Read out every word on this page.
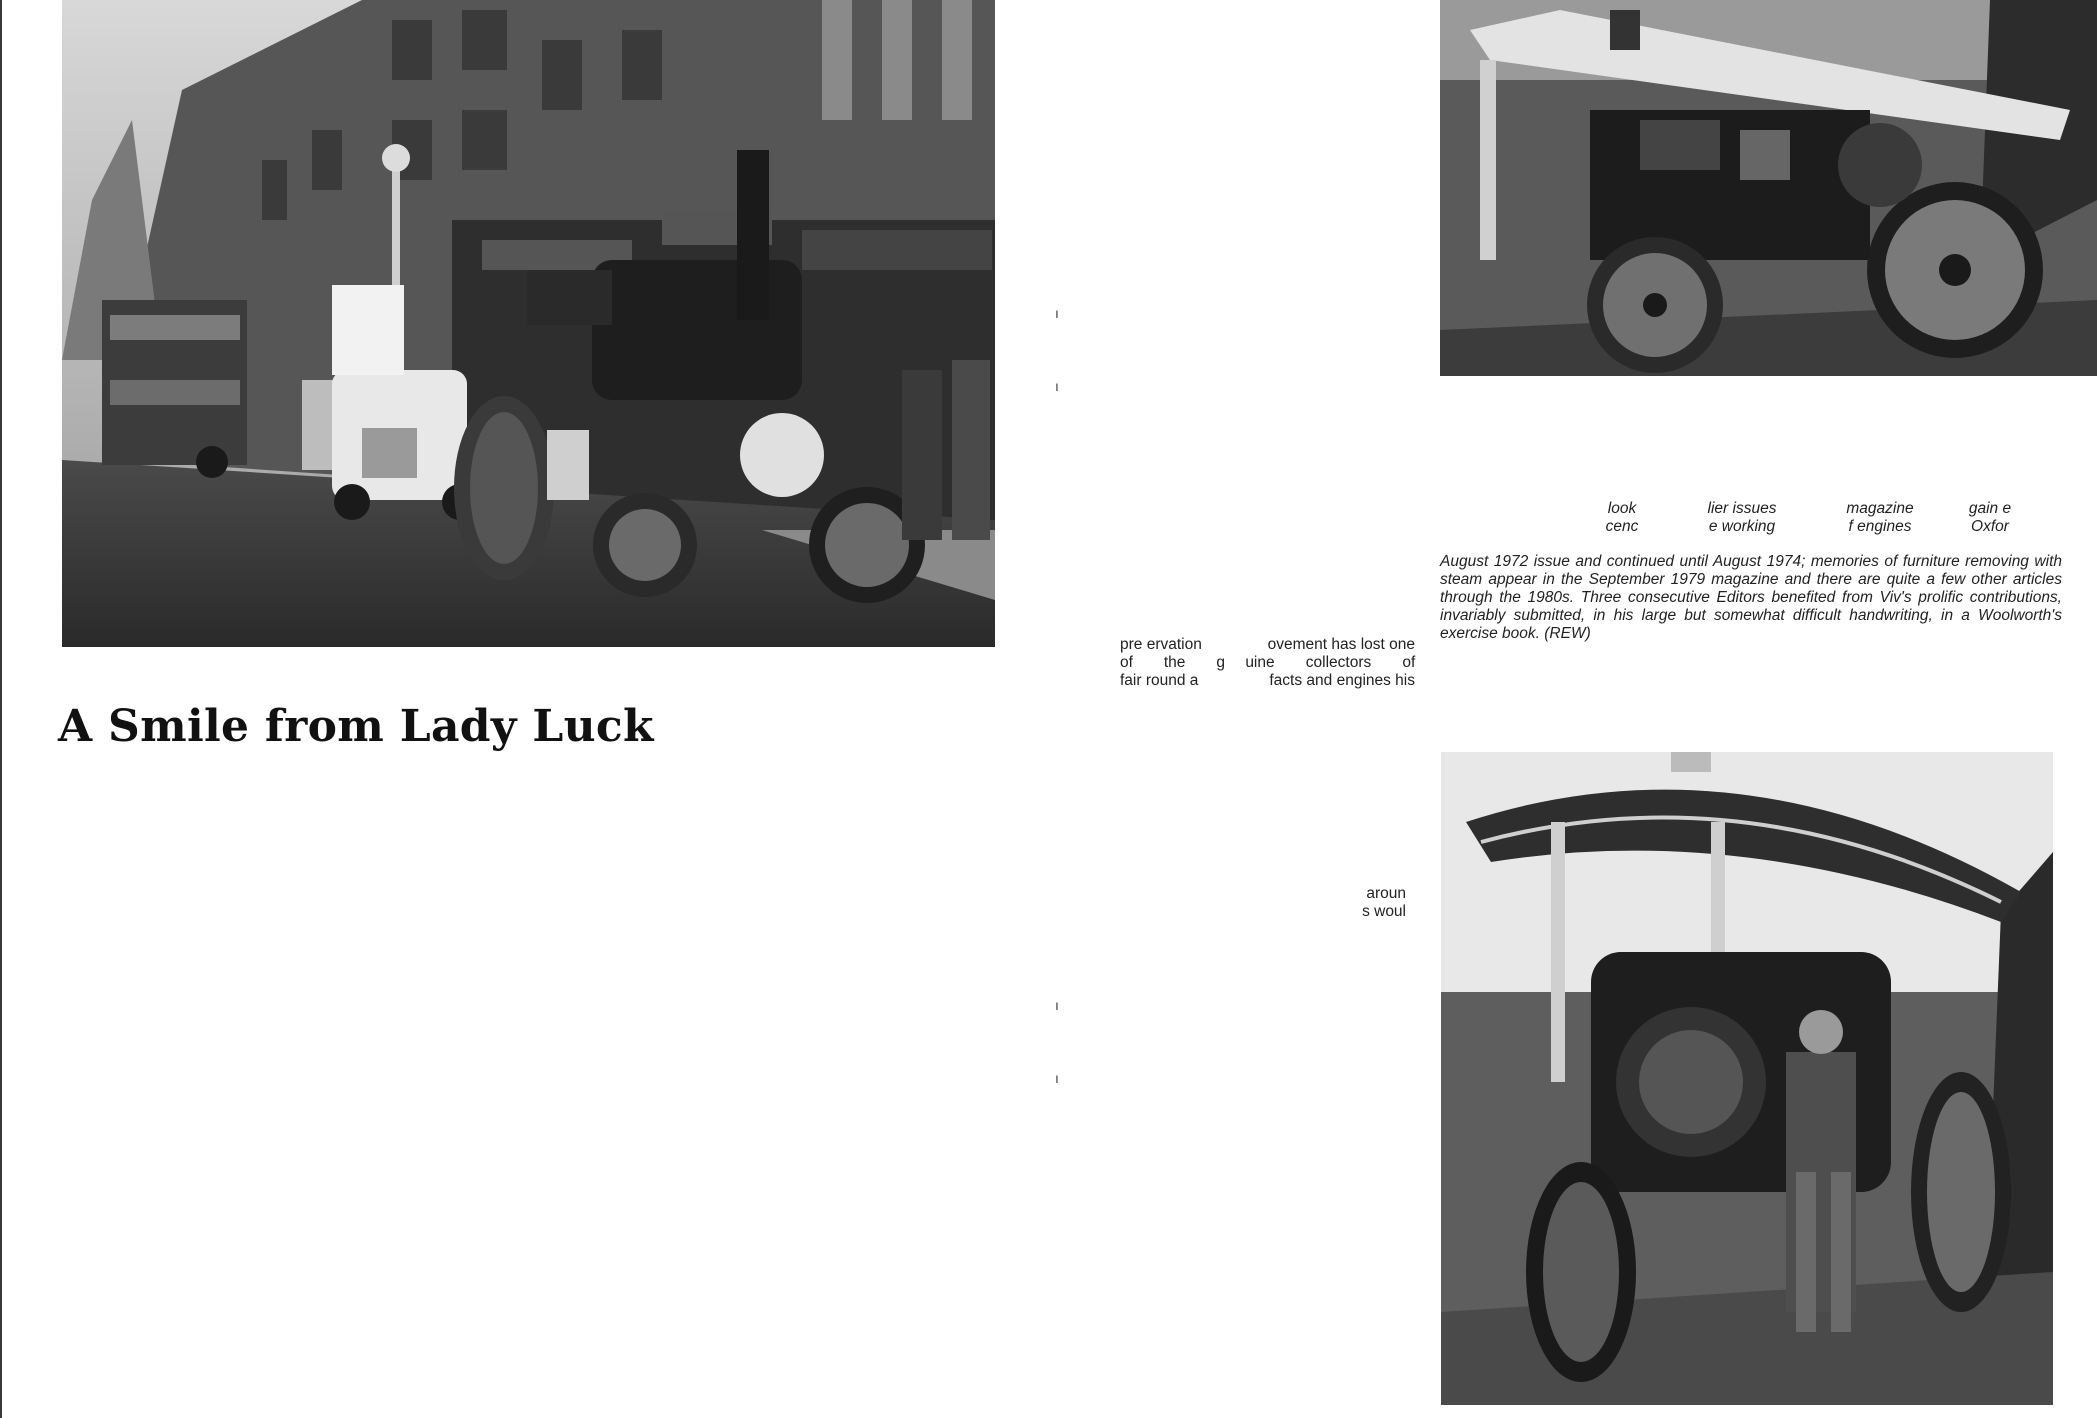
A Smile from Lady Luck
pre ervation	ovement has lost one
of the g uine collectors of
fair round a	facts and engines his
aroun
s woul
look
cenc
lier issues
e working
magazine
f engines
gain e
Oxfor
August 1972 issue and continued until August 1974; memories of furniture removing with steam appear in the September 1979 magazine and there are quite a few other articles through the 1980s. Three consecutive Editors benefited from Viv's prolific contributions, invariably submitted, in his large but somewhat difficult handwriting, in a Woolworth's exercise book. (REW)
ı
ı
ı
ı
